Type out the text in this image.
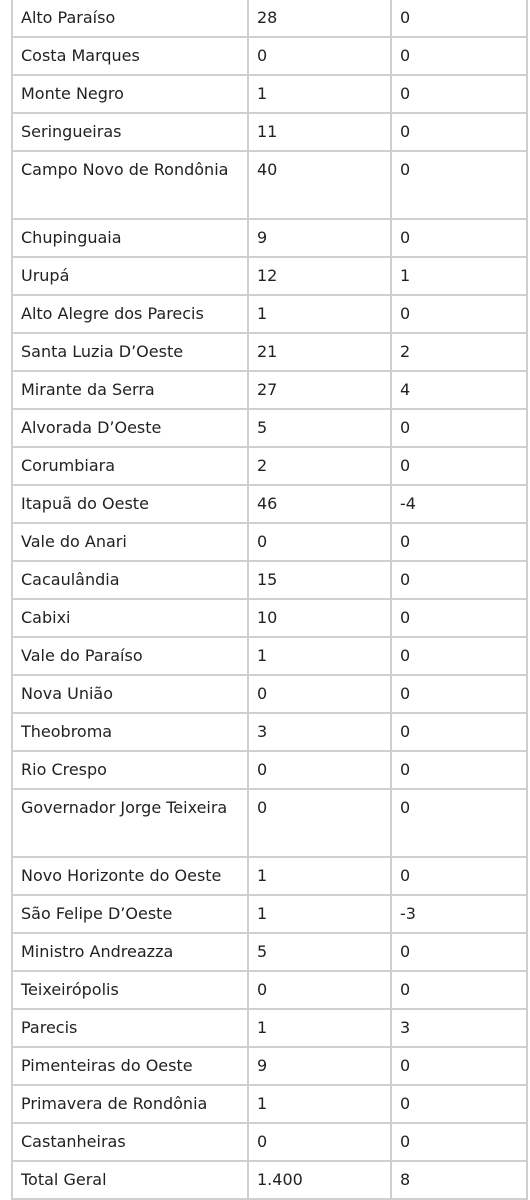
Alto Paraíso	28	0
Costa Marques	0	0
Monte Negro	1	0
Seringueiras	11	0
Campo Novo de Rondônia	40	0
Chupinguaia	9	0
Urupá	12	1
Alto Alegre dos Parecis	1	0
Santa Luzia D’Oeste	21	2
Mirante da Serra	27	4
Alvorada D’Oeste	5	0
Corumbiara	2	0
Itapuã do Oeste	46	-4
Vale do Anari	0	0
Cacaulândia	15	0
Cabixi	10	0
Vale do Paraíso	1	0
Nova União	0	0
Theobroma	3	0
Rio Crespo	0	0
Governador Jorge Teixeira	0	0
Novo Horizonte do Oeste	1	0
São Felipe D’Oeste	1	-3
Ministro Andreazza	5	0
Teixeirópolis	0	0
Parecis	1	3
Pimenteiras do Oeste	9	0
Primavera de Rondônia	1	0
Castanheiras	0	0
Total Geral	1.400	8
